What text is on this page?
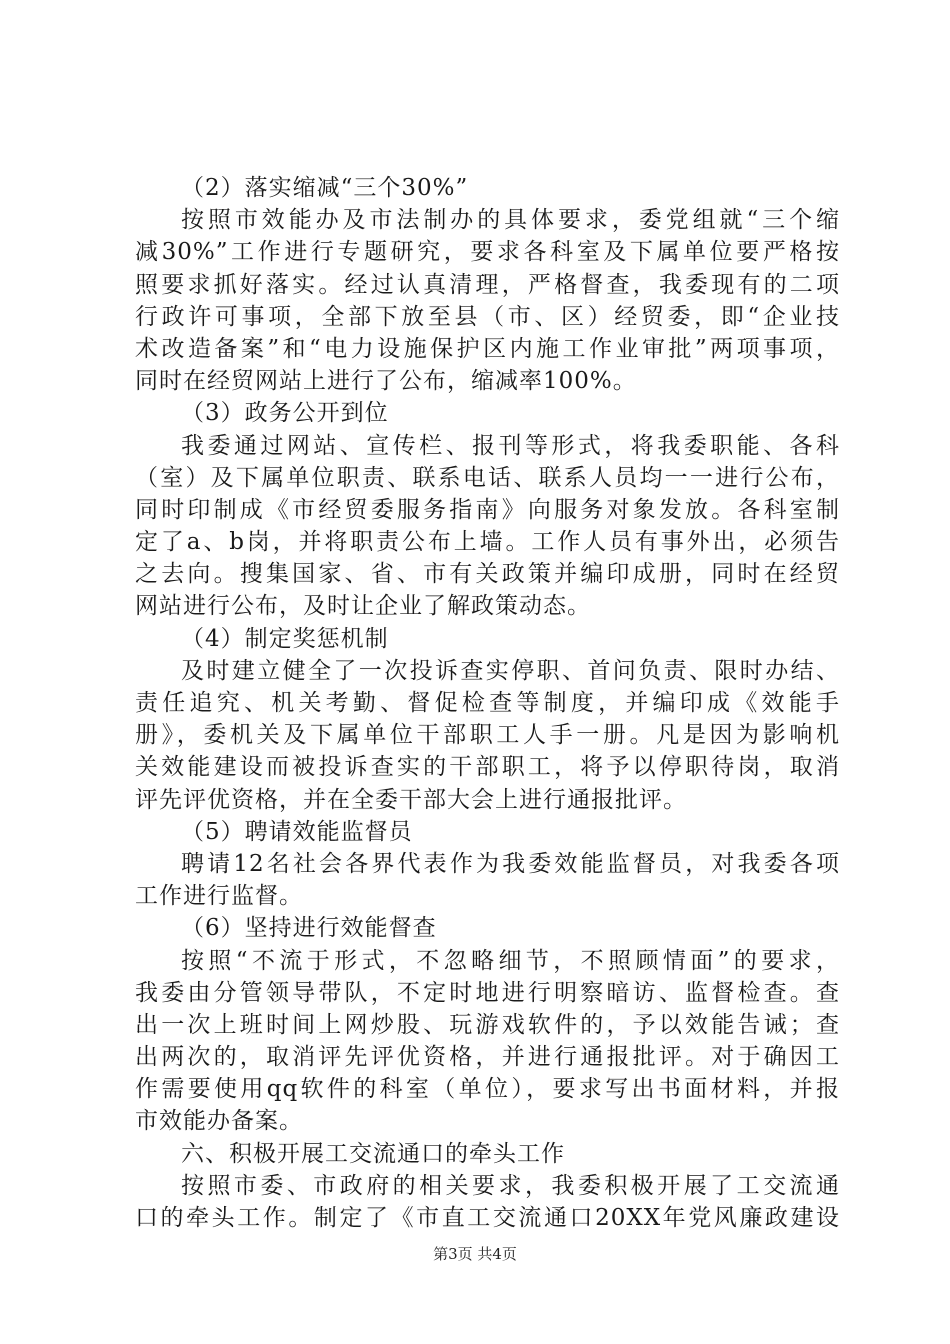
（2）落实缩减“三个30%”
按照市效能办及市法制办的具体要求，委党组就“三个缩
减30%”工作进行专题研究，要求各科室及下属单位要严格按
照要求抓好落实。经过认真清理，严格督查，我委现有的二项
行政许可事项，全部下放至县（市、区）经贸委，即“企业技
术改造备案”和“电力设施保护区内施工作业审批”两项事项，
同时在经贸网站上进行了公布，缩减率100%。
（3）政务公开到位
我委通过网站、宣传栏、报刊等形式，将我委职能、各科
（室）及下属单位职责、联系电话、联系人员均一一进行公布，
同时印制成《市经贸委服务指南》向服务对象发放。各科室制
定了a、b岗，并将职责公布上墙。工作人员有事外出，必须告
之去向。搜集国家、省、市有关政策并编印成册，同时在经贸
网站进行公布，及时让企业了解政策动态。
（4）制定奖惩机制
及时建立健全了一次投诉查实停职、首问负责、限时办结、
责任追究、机关考勤、督促检查等制度，并编印成《效能手
册》，委机关及下属单位干部职工人手一册。凡是因为影响机
关效能建设而被投诉查实的干部职工，将予以停职待岗，取消
评先评优资格，并在全委干部大会上进行通报批评。
（5）聘请效能监督员
聘请12名社会各界代表作为我委效能监督员，对我委各项
工作进行监督。
（6）坚持进行效能督查
按照“不流于形式，不忽略细节，不照顾情面”的要求，
我委由分管领导带队，不定时地进行明察暗访、监督检查。查
出一次上班时间上网炒股、玩游戏软件的，予以效能告诫；查
出两次的，取消评先评优资格，并进行通报批评。对于确因工
作需要使用qq软件的科室（单位），要求写出书面材料，并报
市效能办备案。
六、积极开展工交流通口的牵头工作
按照市委、市政府的相关要求，我委积极开展了工交流通
口的牵头工作。制定了《市直工交流通口20XX年党风廉政建设
第3页 共4页
